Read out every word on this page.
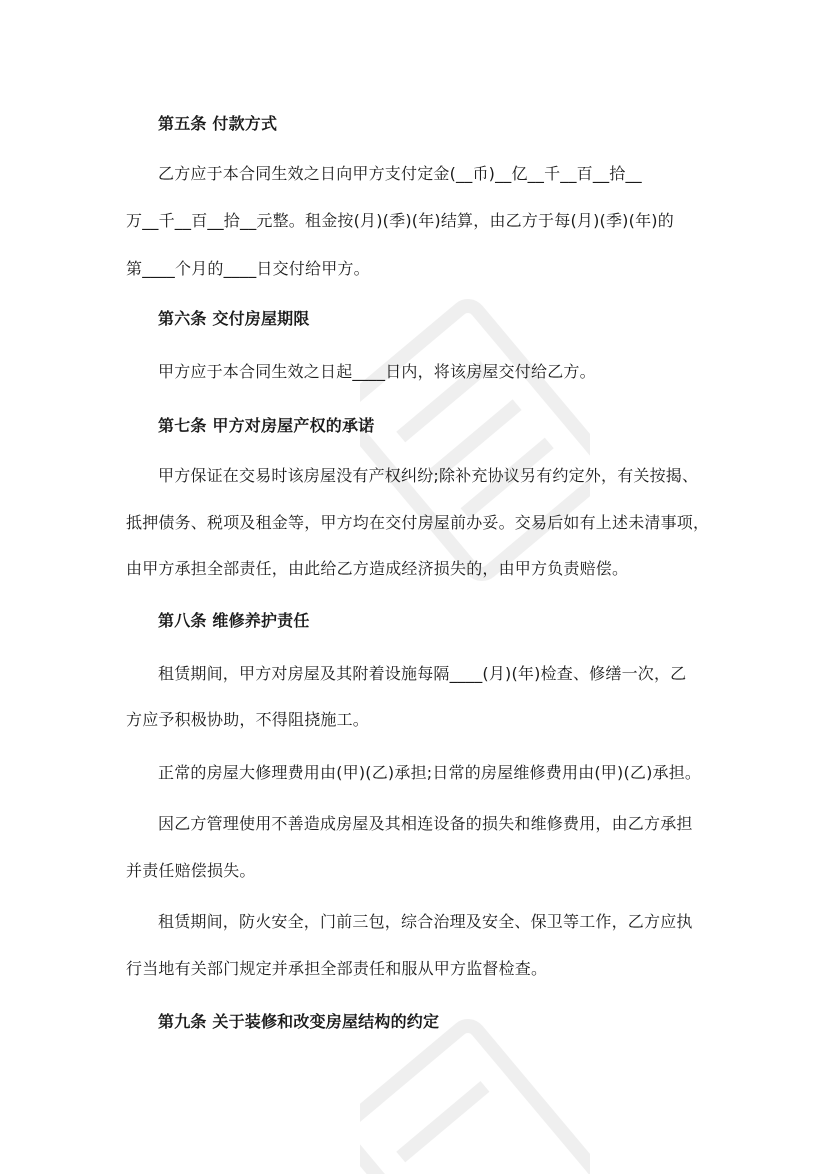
第五条 付款方式
乙方应于本合同生效之日向甲方支付定金(__币)__亿__千__百__拾__
万__千__百__拾__元整。租金按(月)(季)(年)结算，由乙方于每(月)(季)(年)的
第____个月的____日交付给甲方。
第六条 交付房屋期限
甲方应于本合同生效之日起____日内，将该房屋交付给乙方。
第七条 甲方对房屋产权的承诺
甲方保证在交易时该房屋没有产权纠纷;除补充协议另有约定外，有关按揭、
抵押债务、税项及租金等，甲方均在交付房屋前办妥。交易后如有上述未清事项，
由甲方承担全部责任，由此给乙方造成经济损失的，由甲方负责赔偿。
第八条 维修养护责任
租赁期间，甲方对房屋及其附着设施每隔____(月)(年)检查、修缮一次，乙
方应予积极协助，不得阻挠施工。
正常的房屋大修理费用由(甲)(乙)承担;日常的房屋维修费用由(甲)(乙)承担。
因乙方管理使用不善造成房屋及其相连设备的损失和维修费用，由乙方承担
并责任赔偿损失。
租赁期间，防火安全，门前三包，综合治理及安全、保卫等工作，乙方应执
行当地有关部门规定并承担全部责任和服从甲方监督检查。
第九条 关于装修和改变房屋结构的约定
